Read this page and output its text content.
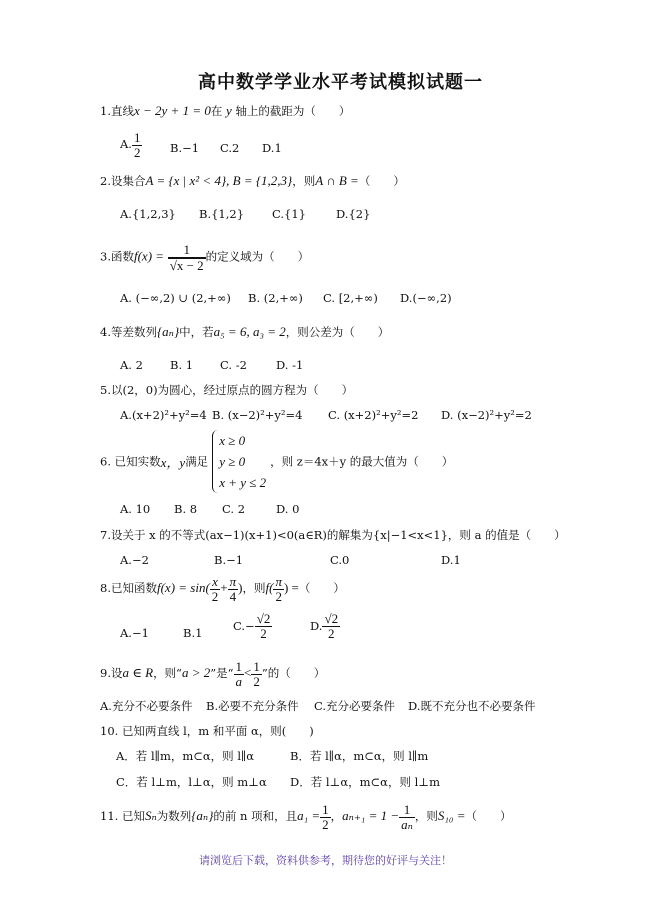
高中数学学业水平考试模拟试题一
1.直线x − 2y + 1 = 0在 y 轴上的截距为（　　）
A. $\frac{1}{2} B.-1$ C.2 D.1
2.设集合A = {x | x² < 4}, B = {1,2,3}，则A ∩ B =（　　）
A.{1,2,3} B.{1,2} C.{1}	D.{2}
3.函数$f(x) = \frac{1}{√x - 2}$ 的定义域为（　　）
A. (−∞,2) ∪ (2,+∞) B. (2,+∞) C. [2,+∞) D.(−∞,2)
4.等差数列{aₙ}中，若a₅ = 6, a₃ = 2，则公差为（　　）
A. 2 B. 1 C. -2	D. -1
5.以(2，0)为圆心，经过原点的圆方程为（　　）
A.(x+2)²+y²=4 B. (x−2)²+y²=4 C. (x+2)²+y²=2 D. (x−2)²+y²=2
6. 已知实数x，y满足
x ≥ 0
y ≥ 0
x + y ≤ 2
，则 z＝4x＋y 的最大值为（　　）
A. 10 B. 8 C. 2	D. 0
7.设关于 x 的不等式(ax−1)(x+1)<0(a∈R)的解集为{x|−1<x<1}，则 a 的值是（　　）
A.−2	B.−1	C.0	D.1
8.已知函数$f(x) = \sin( \frac{x}{2} + \frac{\pi}{4}$ )，则$f( \frac{\pi}{2}$ ) =（　　）
A.−1	B.1	$C.- \frac{√2}{2}$	D. $\frac{√2}{2}$
9.设a ∈ R，则“a > 2”是“ $\frac{1}{a} < \frac{1}{2}$ ”的（　　）
A.充分不必要条件 B.必要不充分条件 C.充分必要条件 D.既不充分也不必要条件
10. 已知两直线 l，m 和平面 α，则(　　)
A．若 l∥m，m⊂α，则 l∥α	B．若 l∥α，m⊂α，则 l∥m
C．若 l⊥m，l⊥α，则 m⊥α D．若 l⊥α，m⊂α，则 l⊥m
11. 已知Sₙ为数列{aₙ}的前 n 项和，且$a_1 = \frac{1}{2}$ ，$a_{n+1} = 1 - \frac{1}{\text{aₙ}}$ ，则S₁₀ =（　　）
请浏览后下载，资料供参考，期待您的好评与关注！
